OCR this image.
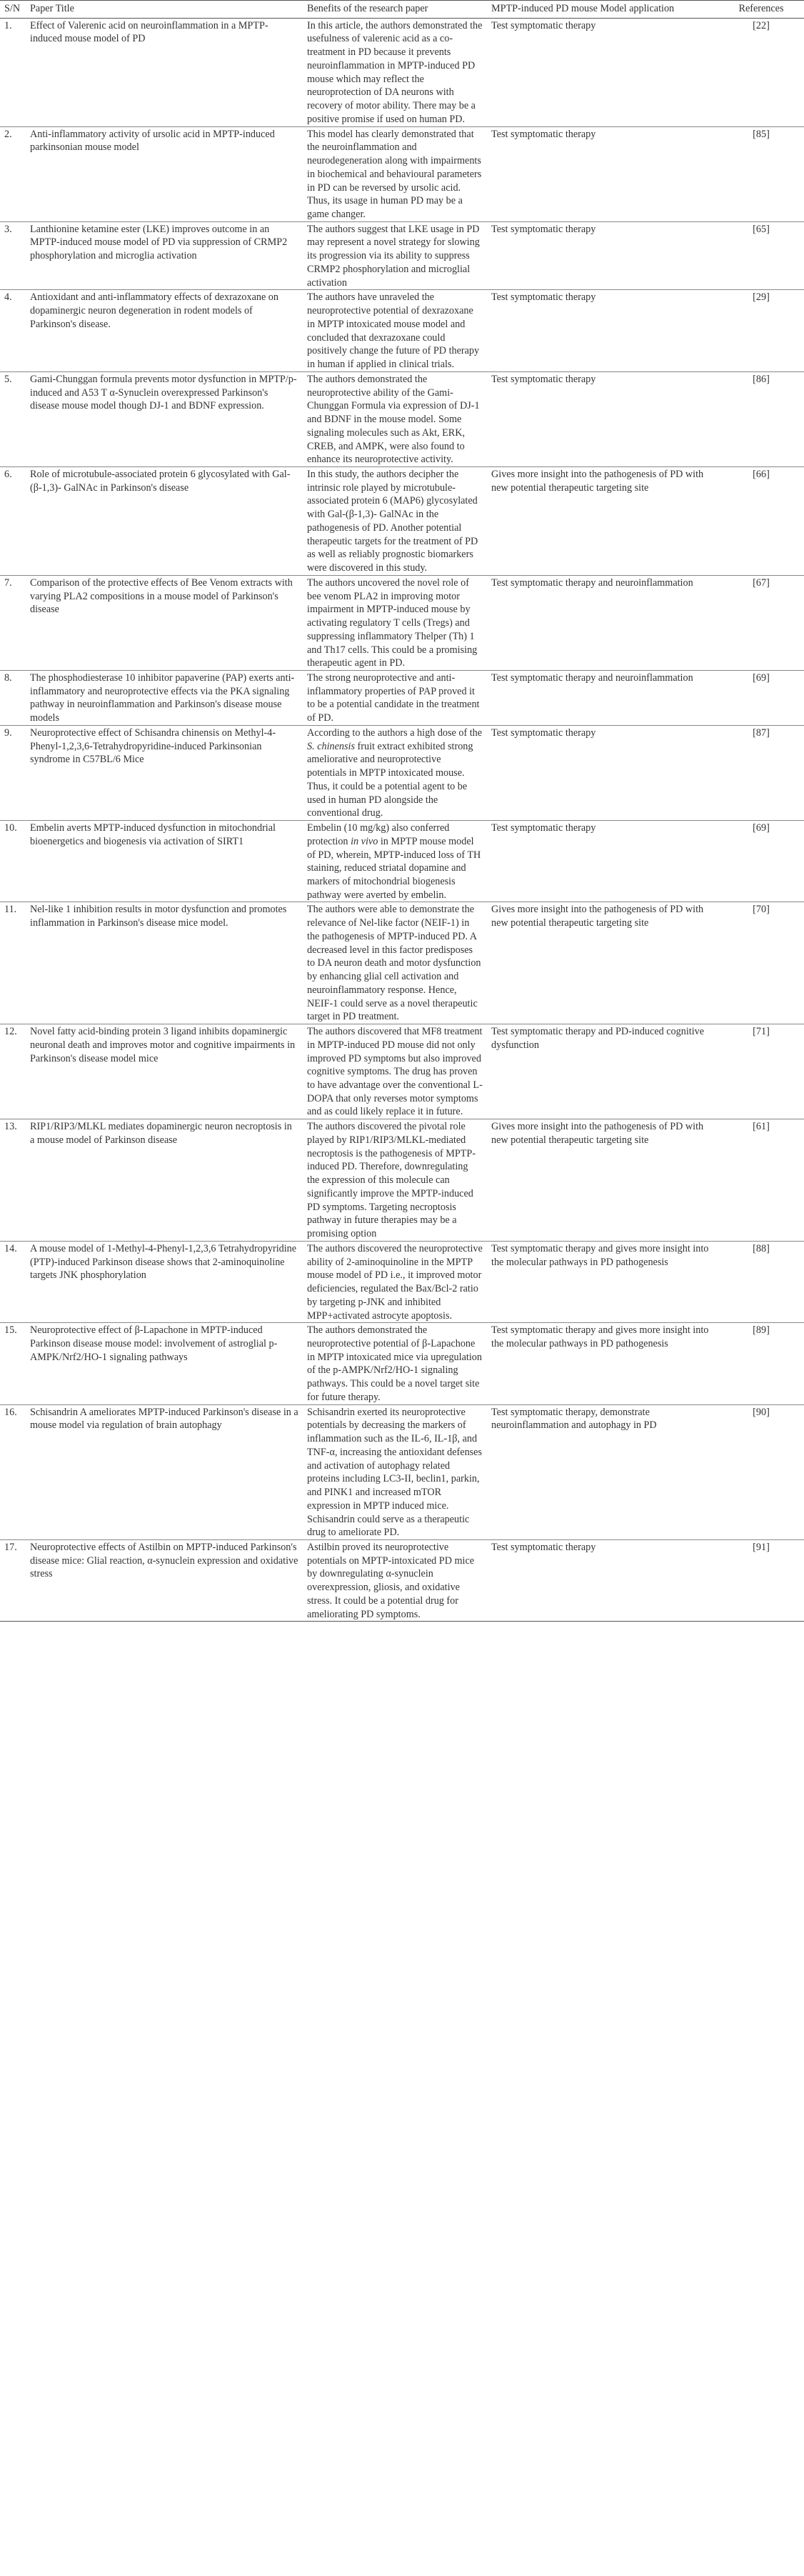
S/N	Paper Title	Benefits of the research paper	MPTP-induced PD mouse Model application	References
1.	Effect of Valerenic acid on neuroinflammation in a MPTP-induced mouse model of PD	In this article, the authors demonstrated the usefulness of valerenic acid as a co-treatment in PD because it prevents neuroinflammation in MPTP-induced PD mouse which may reflect the neuroprotection of DA neurons with recovery of motor ability. There may be a positive promise if used on human PD.	Test symptomatic therapy	[22]
2.	Anti-inflammatory activity of ursolic acid in MPTP-induced parkinsonian mouse model	This model has clearly demonstrated that the neuroinflammation and neurodegeneration along with impairments in biochemical and behavioural parameters in PD can be reversed by ursolic acid. Thus, its usage in human PD may be a game changer.	Test symptomatic therapy	[85]
3.	Lanthionine ketamine ester (LKE) improves outcome in an MPTP-induced mouse model of PD via suppression of CRMP2 phosphorylation and microglia activation	The authors suggest that LKE usage in PD may represent a novel strategy for slowing its progression via its ability to suppress CRMP2 phosphorylation and microglial activation	Test symptomatic therapy	[65]
4.	Antioxidant and anti-inflammatory effects of dexrazoxane on dopaminergic neuron degeneration in rodent models of Parkinson's disease.	The authors have unraveled the neuroprotective potential of dexrazoxane in MPTP intoxicated mouse model and concluded that dexrazoxane could positively change the future of PD therapy in human if applied in clinical trials.	Test symptomatic therapy	[29]
5.	Gami-Chunggan formula prevents motor dysfunction in MPTP/p-induced and A53 T α-Synuclein overexpressed Parkinson's disease mouse model though DJ-1 and BDNF expression.	The authors demonstrated the neuroprotective ability of the Gami-Chunggan Formula via expression of DJ-1 and BDNF in the mouse model. Some signaling molecules such as Akt, ERK, CREB, and AMPK, were also found to enhance its neuroprotective activity.	Test symptomatic therapy	[86]
6.	Role of microtubule-associated protein 6 glycosylated with Gal-(β-1,3)- GalNAc in Parkinson's disease	In this study, the authors decipher the intrinsic role played by microtubule-associated protein 6 (MAP6) glycosylated with Gal-(β-1,3)- GalNAc in the pathogenesis of PD. Another potential therapeutic targets for the treatment of PD as well as reliably prognostic biomarkers were discovered in this study.	Gives more insight into the pathogenesis of PD with new potential therapeutic targeting site	[66]
7.	Comparison of the protective effects of Bee Venom extracts with varying PLA2 compositions in a mouse model of Parkinson's disease	The authors uncovered the novel role of bee venom PLA2 in improving motor impairment in MPTP-induced mouse by activating regulatory T cells (Tregs) and suppressing inflammatory Thelper (Th) 1 and Th17 cells. This could be a promising therapeutic agent in PD.	Test symptomatic therapy and neuroinflammation	[67]
8.	The phosphodiesterase 10 inhibitor papaverine (PAP) exerts anti-inflammatory and neuroprotective effects via the PKA signaling pathway in neuroinflammation and Parkinson's disease mouse models	The strong neuroprotective and anti-inflammatory properties of PAP proved it to be a potential candidate in the treatment of PD.	Test symptomatic therapy and neuroinflammation	[69]
9.	Neuroprotective effect of Schisandra chinensis on Methyl-4-Phenyl-1,2,3,6-Tetrahydropyridine-induced Parkinsonian syndrome in C57BL/6 Mice	According to the authors a high dose of the S. chinensis fruit extract exhibited strong ameliorative and neuroprotective potentials in MPTP intoxicated mouse. Thus, it could be a potential agent to be used in human PD alongside the conventional drug.	Test symptomatic therapy	[87]
10.	Embelin averts MPTP-induced dysfunction in mitochondrial bioenergetics and biogenesis via activation of SIRT1	Embelin (10 mg/kg) also conferred protection in vivo in MPTP mouse model of PD, wherein, MPTP-induced loss of TH staining, reduced striatal dopamine and markers of mitochondrial biogenesis pathway were averted by embelin.	Test symptomatic therapy	[69]
11.	Nel-like 1 inhibition results in motor dysfunction and promotes inflammation in Parkinson's disease mice model.	The authors were able to demonstrate the relevance of Nel-like factor (NEIF-1) in the pathogenesis of MPTP-induced PD. A decreased level in this factor predisposes to DA neuron death and motor dysfunction by enhancing glial cell activation and neuroinflammatory response. Hence, NEIF-1 could serve as a novel therapeutic target in PD treatment.	Gives more insight into the pathogenesis of PD with new potential therapeutic targeting site	[70]
12.	Novel fatty acid-binding protein 3 ligand inhibits dopaminergic neuronal death and improves motor and cognitive impairments in Parkinson's disease model mice	The authors discovered that MF8 treatment in MPTP-induced PD mouse did not only improved PD symptoms but also improved cognitive symptoms. The drug has proven to have advantage over the conventional L-DOPA that only reverses motor symptoms and as could likely replace it in future.	Test symptomatic therapy and PD-induced cognitive dysfunction	[71]
13.	RIP1/RIP3/MLKL mediates dopaminergic neuron necroptosis in a mouse model of Parkinson disease	The authors discovered the pivotal role played by RIP1/RIP3/MLKL-mediated necroptosis is the pathogenesis of MPTP-induced PD. Therefore, downregulating the expression of this molecule can significantly improve the MPTP-induced PD symptoms. Targeting necroptosis pathway in future therapies may be a promising option	Gives more insight into the pathogenesis of PD with new potential therapeutic targeting site	[61]
14.	A mouse model of 1-Methyl-4-Phenyl-1,2,3,6 Tetrahydropyridine (PTP)-induced Parkinson disease shows that 2-aminoquinoline targets JNK phosphorylation	The authors discovered the neuroprotective ability of 2-aminoquinoline in the MPTP mouse model of PD i.e., it improved motor deficiencies, regulated the Bax/Bcl-2 ratio by targeting p-JNK and inhibited MPP+activated astrocyte apoptosis.	Test symptomatic therapy and gives more insight into the molecular pathways in PD pathogenesis	[88]
15.	Neuroprotective effect of β-Lapachone in MPTP-induced Parkinson disease mouse model: involvement of astroglial p-AMPK/Nrf2/HO-1 signaling pathways	The authors demonstrated the neuroprotective potential of β-Lapachone in MPTP intoxicated mice via upregulation of the p-AMPK/Nrf2/HO-1 signaling pathways. This could be a novel target site for future therapy.	Test symptomatic therapy and gives more insight into the molecular pathways in PD pathogenesis	[89]
16.	Schisandrin A ameliorates MPTP-induced Parkinson's disease in a mouse model via regulation of brain autophagy	Schisandrin exerted its neuroprotective potentials by decreasing the markers of inflammation such as the IL-6, IL-1β, and TNF-α, increasing the antioxidant defenses and activation of autophagy related proteins including LC3-II, beclin1, parkin, and PINK1 and increased mTOR expression in MPTP induced mice. Schisandrin could serve as a therapeutic drug to ameliorate PD.	Test symptomatic therapy, demonstrate neuroinflammation and autophagy in PD	[90]
17.	Neuroprotective effects of Astilbin on MPTP-induced Parkinson's disease mice: Glial reaction, α-synuclein expression and oxidative stress	Astilbin proved its neuroprotective potentials on MPTP-intoxicated PD mice by downregulating α-synuclein overexpression, gliosis, and oxidative stress. It could be a potential drug for ameliorating PD symptoms.	Test symptomatic therapy	[91]
